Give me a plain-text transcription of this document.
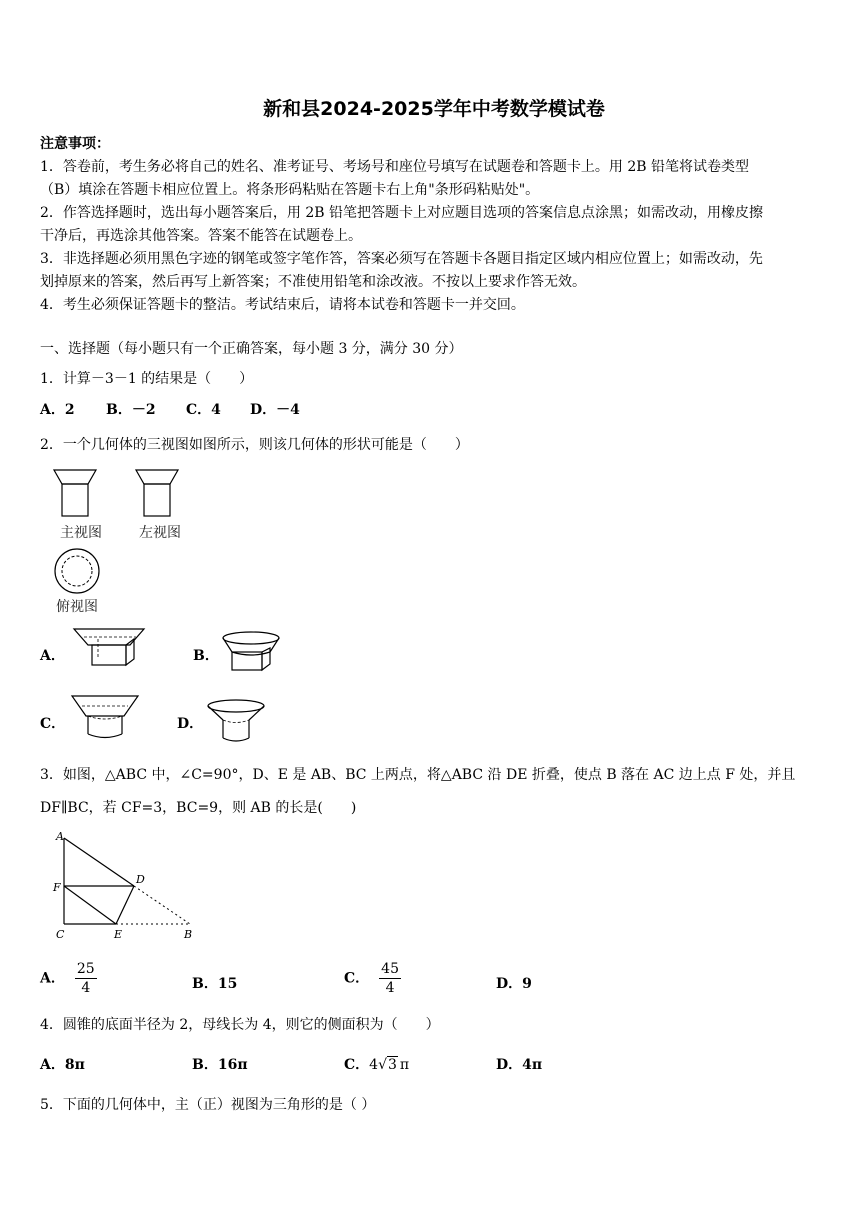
新和县2024-2025学年中考数学模试卷
注意事项：
1．答卷前，考生务必将自己的姓名、准考证号、考场号和座位号填写在试题卷和答题卡上。用 2B 铅笔将试卷类型
（B）填涂在答题卡相应位置上。将条形码粘贴在答题卡右上角"条形码粘贴处"。
2．作答选择题时，选出每小题答案后，用 2B 铅笔把答题卡上对应题目选项的答案信息点涂黑；如需改动，用橡皮擦
干净后，再选涂其他答案。答案不能答在试题卷上。
3．非选择题必须用黑色字迹的钢笔或签字笔作答，答案必须写在答题卡各题目指定区域内相应位置上；如需改动，先
划掉原来的答案，然后再写上新答案；不准使用铅笔和涂改液。不按以上要求作答无效。
4．考生必须保证答题卡的整洁。考试结束后，请将本试卷和答题卡一并交回。
一、选择题（每小题只有一个正确答案，每小题 3 分，满分 30 分）
1．计算－3－1 的结果是（　　）
A．2 B．－2 C．4 D．－4
2．一个几何体的三视图如图所示，则该几何体的形状可能是（　　）
主视图	左视图
俯视图
A．	B．
C．	D．
3．如图，△ABC 中，∠C=90°，D、E 是 AB、BC 上两点，将△ABC 沿 DE 折叠，使点 B 落在 AC 边上点 F 处，并且
DF∥BC，若 CF=3，BC=9，则 AB 的长是(　　)
A
F
D
C	E	B
A． $\frac{25}{4}$	B．15	C． $\frac{45}{4}$	D．9
4．圆锥的底面半径为 2，母线长为 4，则它的侧面积为（　　）
A．8π	B．16π	C．4√3 π	D．4π
5．下面的几何体中，主（正）视图为三角形的是（ ）
